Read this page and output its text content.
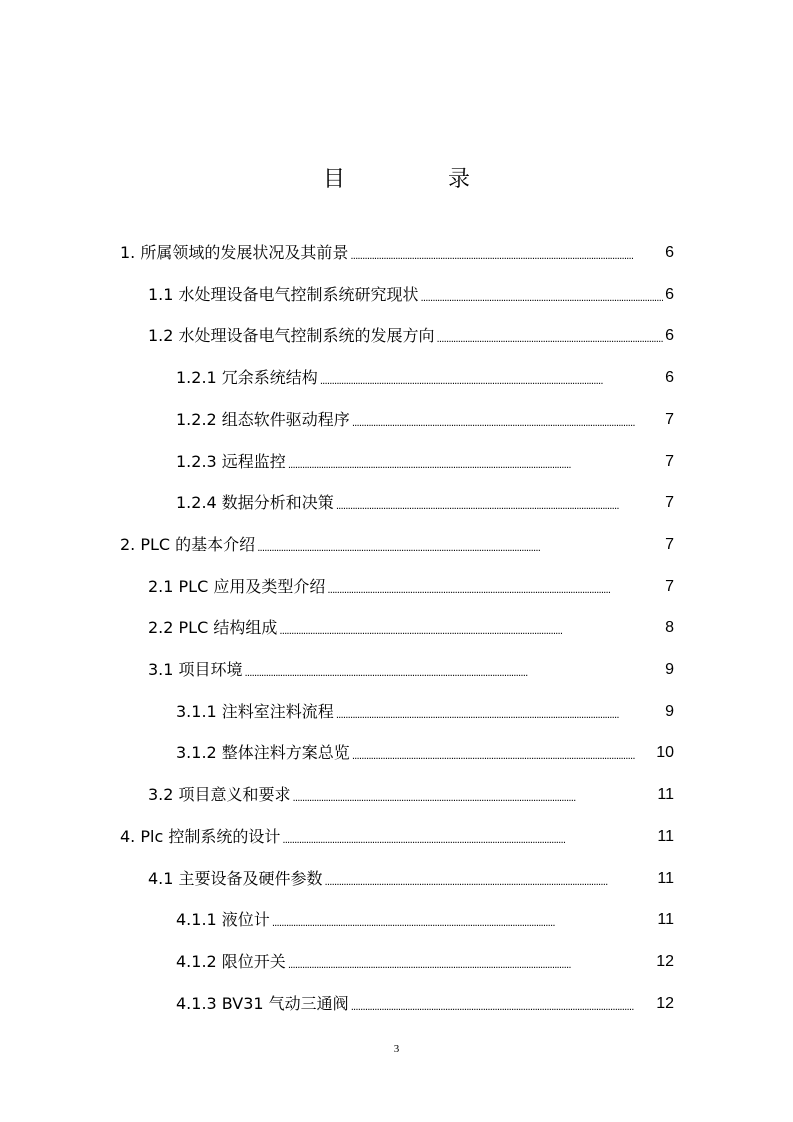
目 录
1. 所属领域的发展状况及其前景 . . .	6
1.1 水处理设备电气控制系统研究现状 . . .	6
1.2 水处理设备电气控制系统的发展方向 . . .	6
1.2.1 冗余系统结构 . . .	6
1.2.2 组态软件驱动程序 . . .	7
1.2.3 远程监控 . . .	7
1.2.4 数据分析和决策 . . .	7
2. PLC 的基本介绍 . . .	7
2.1 PLC 应用及类型介绍 . . .	7
2.2 PLC 结构组成 . . .	8
3.1 项目环境 . . .	9
3.1.1 注料室注料流程 . . .	9
3.1.2 整体注料方案总览 . . .	10
3.2 项目意义和要求 . . .	11
4. Plc 控制系统的设计 . . .	11
4.1 主要设备及硬件参数 . . .	11
4.1.1 液位计 . . .	11
4.1.2 限位开关 . . .	12
4.1.3 BV31 气动三通阀 . . .	12
3
